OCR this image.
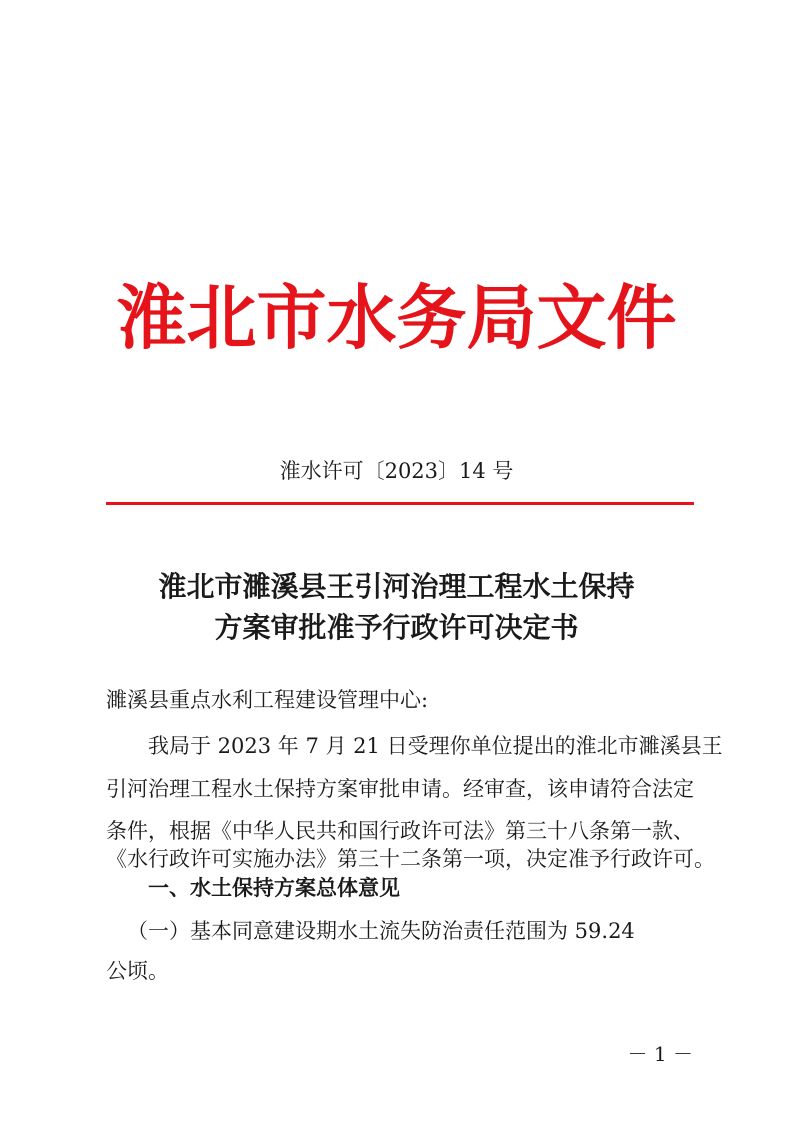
淮北市水务局文件
淮水许可〔2023〕14 号
淮北市濉溪县王引河治理工程水土保持
方案审批准予行政许可决定书
濉溪县重点水利工程建设管理中心:
我局于 2023 年 7 月 21 日受理你单位提出的淮北市濉溪县王
引河治理工程水土保持方案审批申请。经审查，该申请符合法定
条件，根据《中华人民共和国行政许可法》第三十八条第一款、
《水行政许可实施办法》第三十二条第一项，决定准予行政许可。
一、水土保持方案总体意见
（一）基本同意建设期水土流失防治责任范围为 59.24
公顷。
－ 1 －
